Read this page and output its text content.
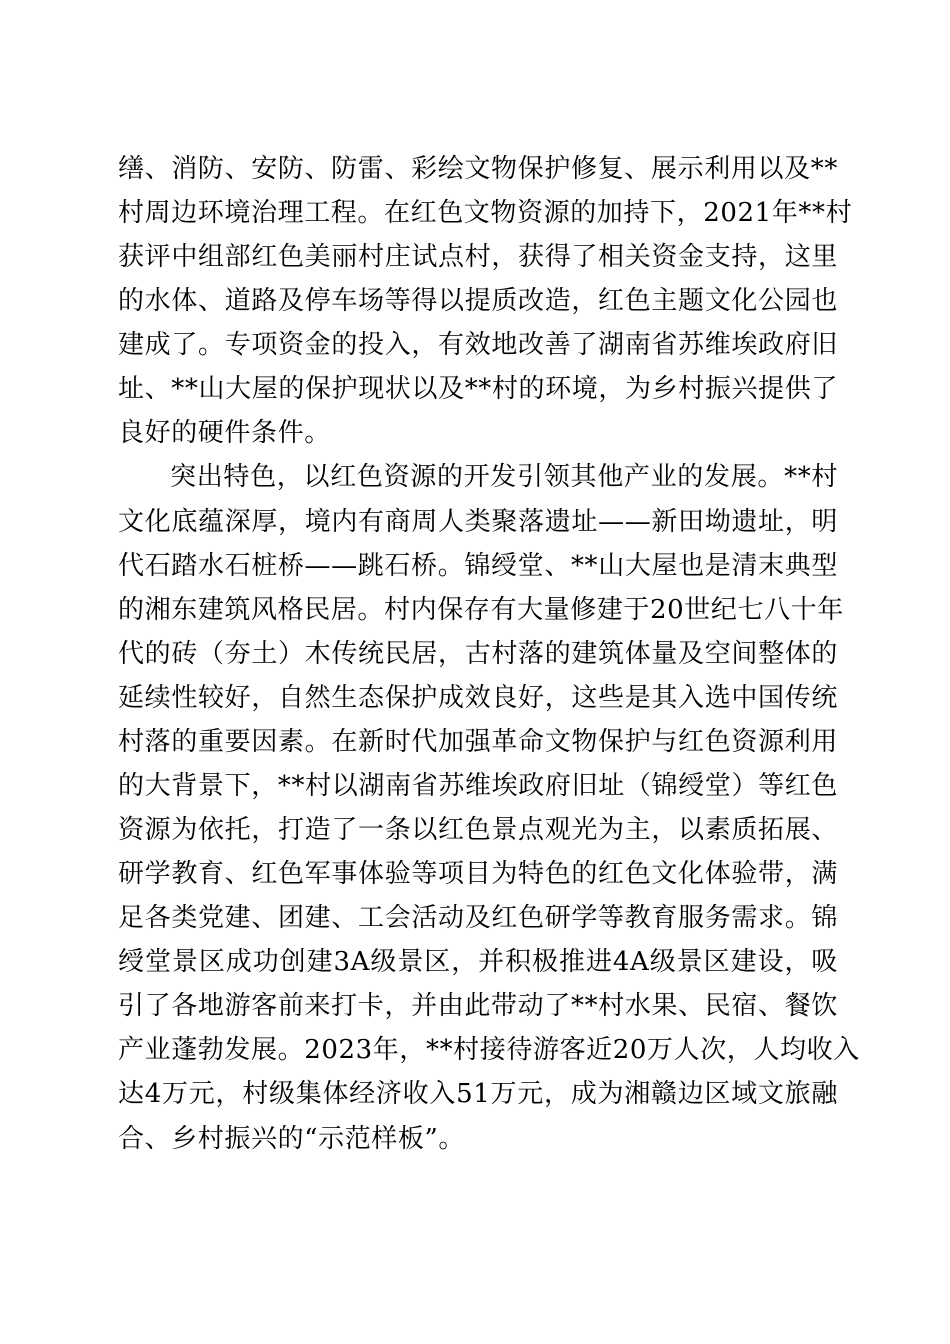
缮、消防、安防、防雷、彩绘文物保护修复、展示利用以及**
村周边环境治理工程。在红色文物资源的加持下，2021年**村
获评中组部红色美丽村庄试点村，获得了相关资金支持，这里
的水体、道路及停车场等得以提质改造，红色主题文化公园也
建成了。专项资金的投入，有效地改善了湖南省苏维埃政府旧
址、**山大屋的保护现状以及**村的环境，为乡村振兴提供了
良好的硬件条件。
突出特色，以红色资源的开发引领其他产业的发展。**村
文化底蕴深厚，境内有商周人类聚落遗址——新田坳遗址，明
代石踏水石桩桥——跳石桥。锦绶堂、**山大屋也是清末典型
的湘东建筑风格民居。村内保存有大量修建于20世纪七八十年
代的砖（夯土）木传统民居，古村落的建筑体量及空间整体的
延续性较好，自然生态保护成效良好，这些是其入选中国传统
村落的重要因素。在新时代加强革命文物保护与红色资源利用
的大背景下，**村以湖南省苏维埃政府旧址（锦绶堂）等红色
资源为依托，打造了一条以红色景点观光为主，以素质拓展、
研学教育、红色军事体验等项目为特色的红色文化体验带，满
足各类党建、团建、工会活动及红色研学等教育服务需求。锦
绶堂景区成功创建3A级景区，并积极推进4A级景区建设，吸
引了各地游客前来打卡，并由此带动了**村水果、民宿、餐饮
产业蓬勃发展。2023年，**村接待游客近20万人次，人均收入
达4万元，村级集体经济收入51万元，成为湘赣边区域文旅融
合、乡村振兴的“示范样板”。
